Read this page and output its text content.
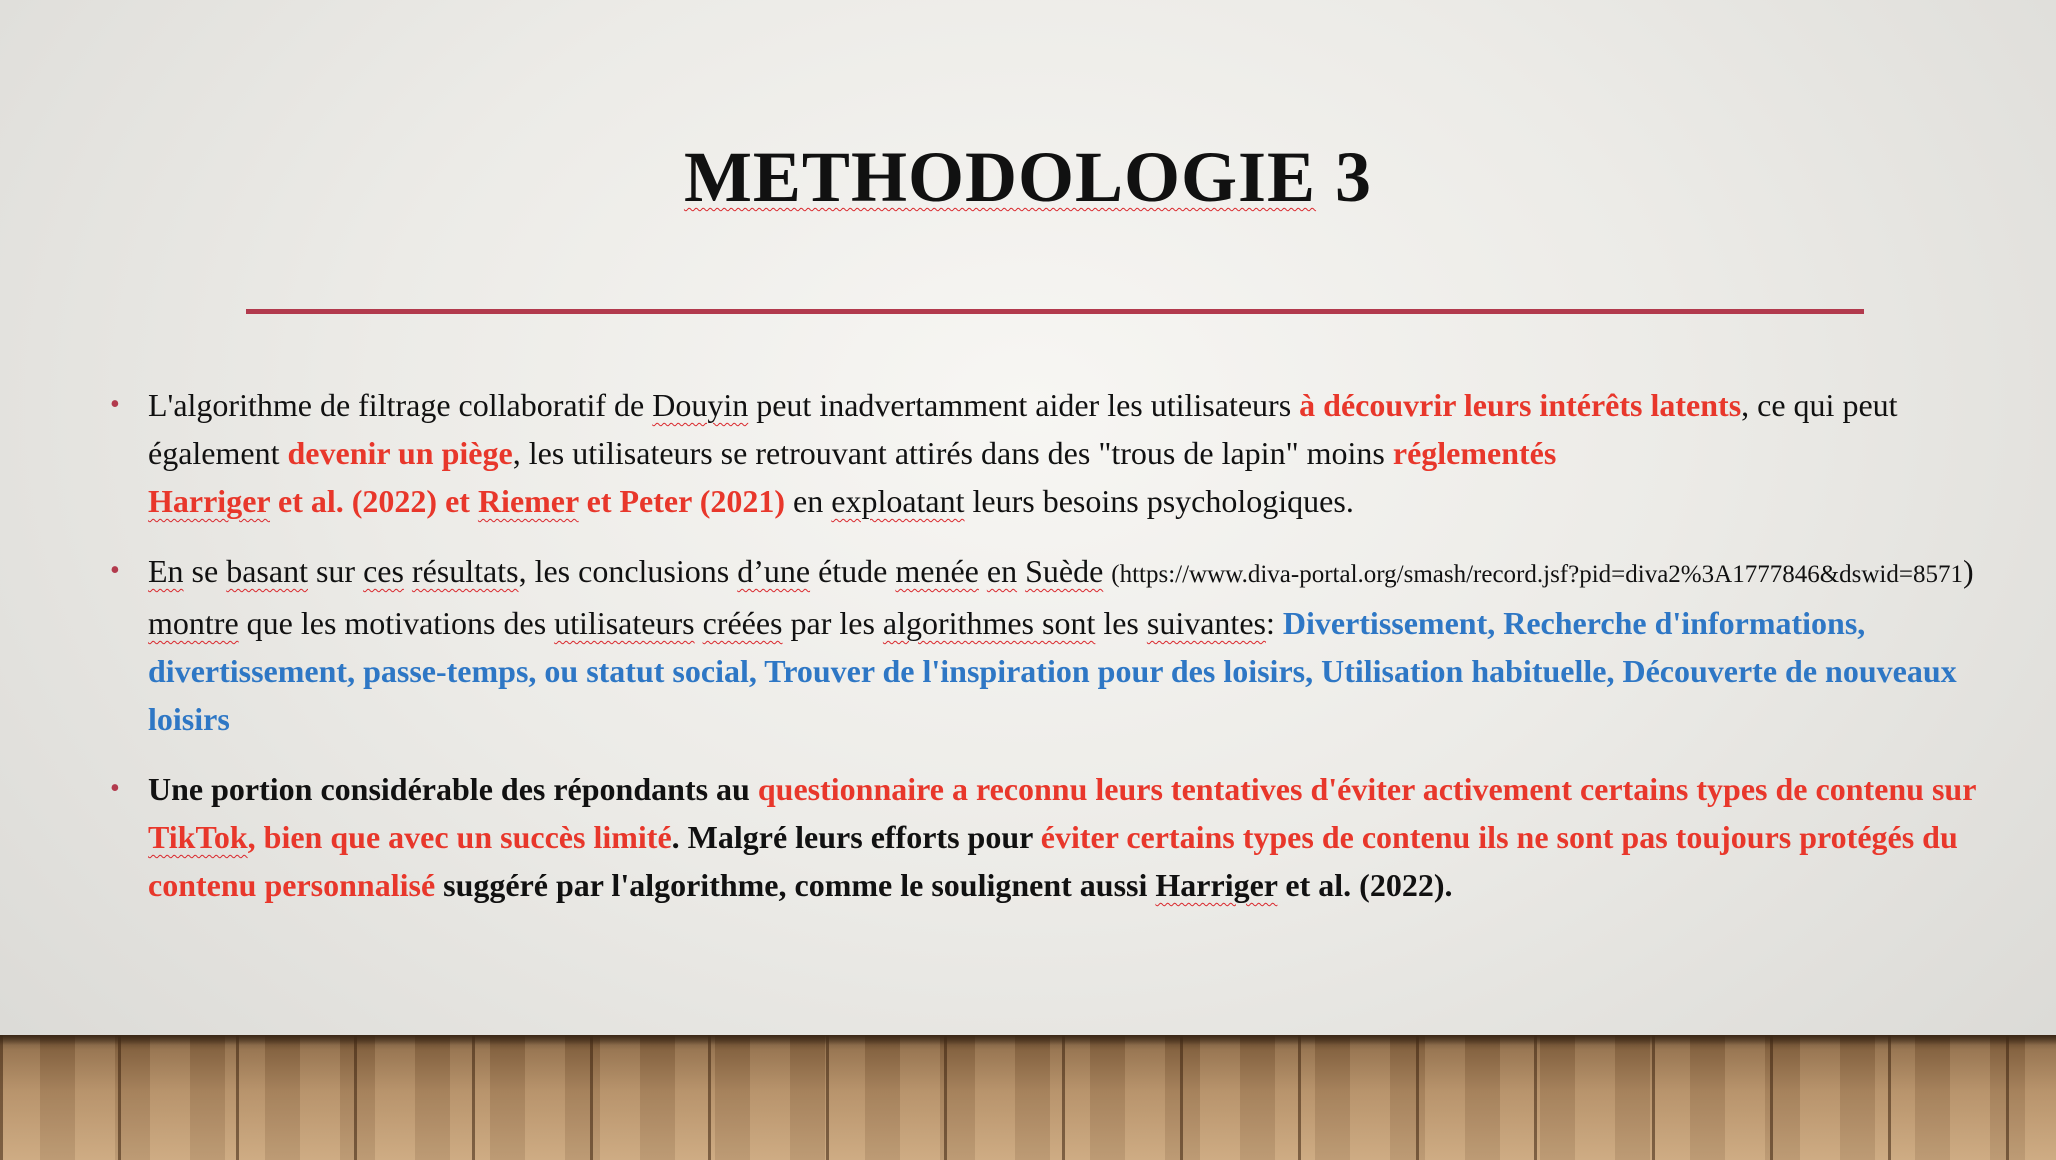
METHODOLOGIE 3
• L'algorithme de filtrage collaboratif de Douyin peut inadvertamment aider les utilisateurs à découvrir leurs intérêts latents, ce qui peut également devenir un piège, les utilisateurs se retrouvant attirés dans des "trous de lapin" moins réglementés
Harriger et al. (2022) et Riemer et Peter (2021) en exploatant leurs besoins psychologiques.
• En se basant sur ces résultats, les conclusions d’une étude menée en Suède (https://www.diva-portal.org/smash/record.jsf?pid=diva2%3A1777846&dswid=8571) montre que les motivations des utilisateurs créées par les algorithmes sont les suivantes: Divertissement, Recherche d'informations, divertissement, passe-temps, ou statut social, Trouver de l'inspiration pour des loisirs, Utilisation habituelle, Découverte de nouveaux loisirs
• Une portion considérable des répondants au questionnaire a reconnu leurs tentatives d'éviter activement certains types de contenu sur TikTok, bien que avec un succès limité. Malgré leurs efforts pour éviter certains types de contenu ils ne sont pas toujours protégés du contenu personnalisé suggéré par l'algorithme, comme le soulignent aussi Harriger et al. (2022).
